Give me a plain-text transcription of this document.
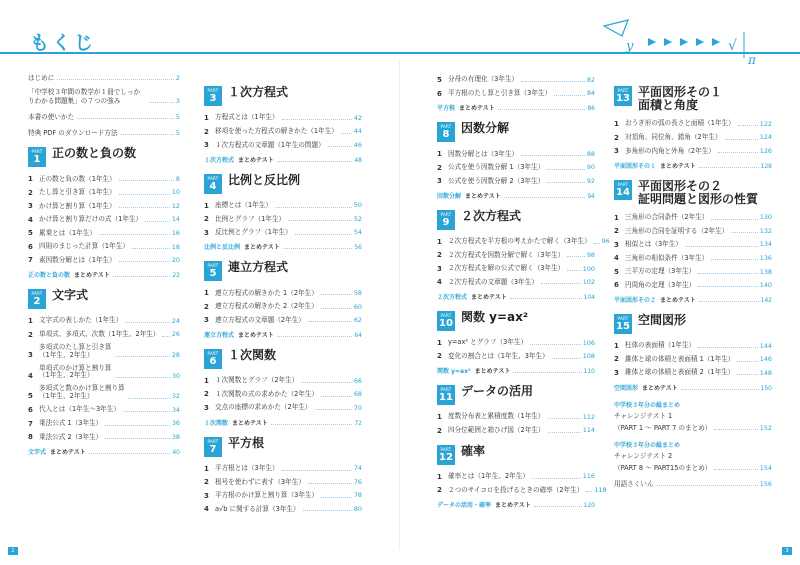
もくじ	y	√
π
はじめに	2
「中学校３年間の数学が１冊でしっかりわかる問題集」の７つの強み	3
本書の使いかた	5
特典 PDF のダウンロード方法	5
PART
1 正の数と負の数
1 正の数と負の数（1年生）	8
2 たし算と引き算（1年生）	10
3 かけ算と割り算（1年生）	12
4 かけ算と割り算だけの式（1年生）	14
5 累乗とは（1年生）	16
6 四則のまじった計算（1年生）	18
7 素因数分解とは（1年生）	20
正の数と負の数 まとめテスト	22
PART
2 文字式
1 文字式の表しかた（1年生）	24
2 単項式、多項式、次数（1年生、2年生） 26
3
多項式のたし算と引き算
（1年生、2年生）	28
4
単項式のかけ算と割り算
（1年生、2年生）	30
5
多項式と数のかけ算と割り算
（1年生、2年生）	32
6 代入とは（1年生〜3年生）	34
7 乗法公式 1（3年生）	36
8 乗法公式 2（3年生）	38
文字式 まとめテスト	40
PART
3 １次方程式
1 方程式とは（1年生）	42
2 移項を使った方程式の解きかた（1年生） 44
3 １次方程式の文章題（1年生の問題）	46
１次方程式 まとめテスト	48
PART
4 比例と反比例
1 座標とは（1年生）	50
2 比例とグラフ（1年生）	52
3 反比例とグラフ（1年生）	54
比例と反比例 まとめテスト	56
PART
5 連立方程式
1 連立方程式の解きかた 1（2年生）	58
2 連立方程式の解きかた 2（2年生）	60
3 連立方程式の文章題（2年生）	62
連立方程式 まとめテスト	64
PART
6 １次関数
1 １次関数とグラフ（2年生）	66
2 １次関数の式の求めかた（2年生）	68
3 交点の座標の求めかた（2年生）	70
１次関数 まとめテスト	72
PART
7 平方根
1 平方根とは（3年生）	74
2 根号を使わずに表す（3年生）	76
3 平方根のかけ算と割り算（3年生）	78
4 a√b に関する計算（3年生）	80
5 分母の有理化（3年生）	82
6 平方根のたし算と引き算（3年生）	84
平方根 まとめテスト	86
PART
8 因数分解
1 因数分解とは（3年生）	88
2 公式を使う因数分解 1（3年生）	90
3 公式を使う因数分解 2（3年生）	92
因数分解 まとめテスト	94
PART
9 ２次方程式
1 ２次方程式を平方根の考えかたで解く（3年生） 96
2 ２次方程式を因数分解で解く（3年生）	98
3 ２次方程式を解の公式で解く（3年生）	100
4 ２次方程式の文章題（3年生）	102
２次方程式 まとめテスト	104
PART
10 関数 y=ax²
1 y=ax² とグラフ（3年生）	106
2 変化の割合とは（1年生、3年生）	108
関数 y=ax² まとめテスト	110
PART
11 データの活用
1 度数分布表と累積度数（1年生）	112
2 四分位範囲と箱ひげ図（2年生）	114
PART
12 確率
1 確率とは（1年生、2年生）	116
2 ２つのサイコロを投げるときの確率（2年生） 118
データの活用・確率 まとめテスト	120
PART
13 平面図形その１
面積と角度
1 おうぎ形の弧の長さと面積（1年生）	122
2 対頂角、同位角、錯角（2年生）	124
3 多角形の内角と外角（2年生）	126
平面図形その１ まとめテスト	128
PART
14 平面図形その２
証明問題と図形の性質
1 三角形の合同条件（2年生）	130
2 三角形の合同を証明する（2年生）	132
3 相似とは（3年生）	134
4 三角形の相似条件（3年生）	136
5 三平方の定理（3年生）	138
6 円周角の定理（3年生）	140
平面図形その２ まとめテスト	142
PART
15 空間図形
1 柱体の表面積（1年生）	144
2 錐体と球の体積と表面積 1（1年生）	146
3 錐体と球の体積と表面積 2（1年生）	148
空間図形 まとめテスト	150
中学校３年分の総まとめ
チャレンジテスト 1
（PART 1 〜 PART 7 のまとめ）	152
中学校３年分の総まとめ
チャレンジテスト 2
（PART 8 〜 PART15のまとめ）	154
用語さくいん	156
2	3
